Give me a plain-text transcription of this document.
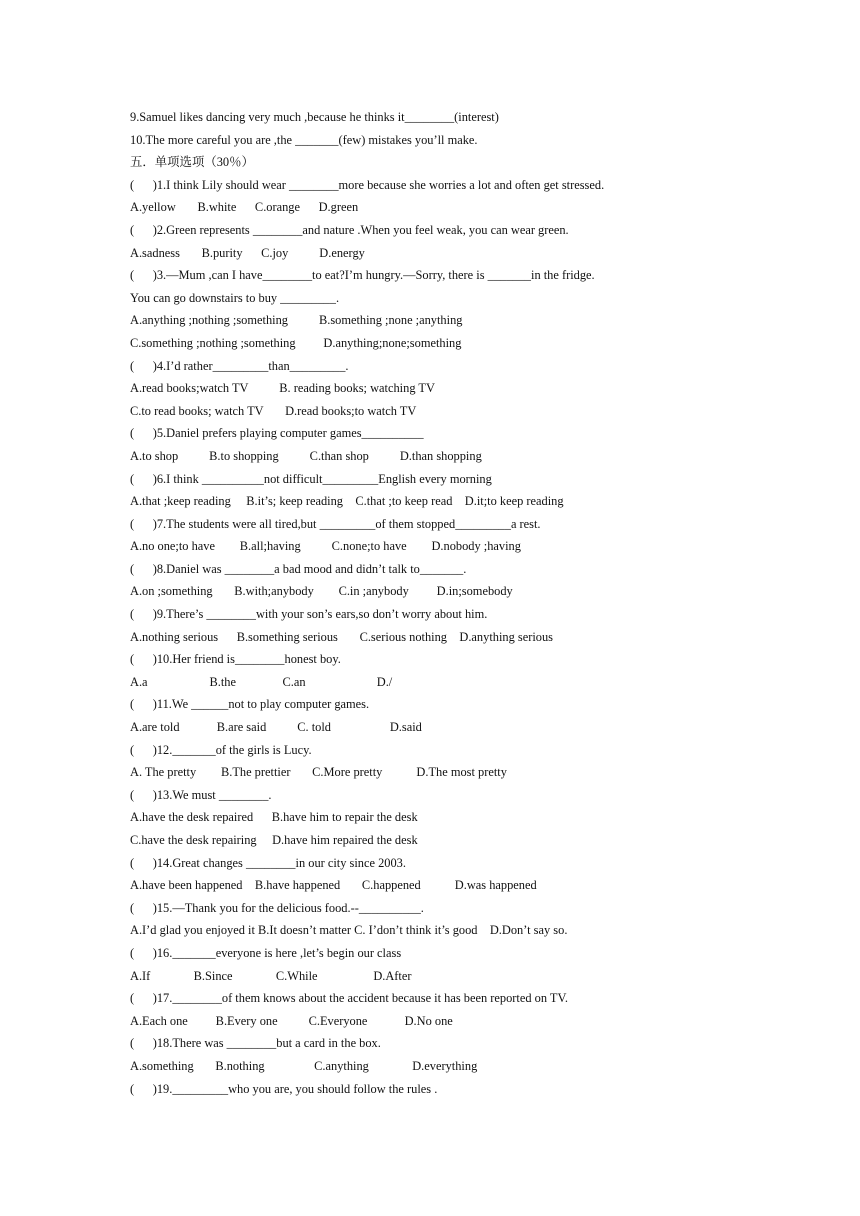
9.Samuel likes dancing very much ,because he thinks it________(interest)
10.The more careful you are ,the _______(few) mistakes you’ll make.
五．单项选项（30％）
(      )1.I think Lily should wear ________more because she worries a lot and often get stressed.
A.yellow       B.white      C.orange      D.green
(      )2.Green represents ________and nature .When you feel weak, you can wear green.
A.sadness       B.purity      C.joy          D.energy
(      )3.—Mum ,can I have________to eat?I’m hungry.—Sorry, there is _______in the fridge.
You can go downstairs to buy _________.
A.anything ;nothing ;something          B.something ;none ;anything
C.something ;nothing ;something         D.anything;none;something
(      )4.I’d rather_________than_________.
A.read books;watch TV          B. reading books; watching TV
C.to read books; watch TV       D.read books;to watch TV
(      )5.Daniel prefers playing computer games__________
A.to shop          B.to shopping          C.than shop          D.than shopping
(      )6.I think __________not difficult_________English every morning
A.that ;keep reading     B.it’s; keep reading    C.that ;to keep read    D.it;to keep reading
(      )7.The students were all tired,but _________of them stopped_________a rest.
A.no one;to have        B.all;having          C.none;to have        D.nobody ;having
(      )8.Daniel was ________a bad mood and didn’t talk to_______.
A.on ;something       B.with;anybody        C.in ;anybody         D.in;somebody
(      )9.There’s ________with your son’s ears,so don’t worry about him.
A.nothing serious      B.something serious       C.serious nothing    D.anything serious
(      )10.Her friend is________honest boy.
A.a                    B.the               C.an                       D./
(      )11.We ______not to play computer games.
A.are told            B.are said          C. told                   D.said
(      )12._______of the girls is Lucy.
A. The pretty        B.The prettier       C.More pretty           D.The most pretty
(      )13.We must ________.
A.have the desk repaired      B.have him to repair the desk
C.have the desk repairing     D.have him repaired the desk
(      )14.Great changes ________in our city since 2003.
A.have been happened    B.have happened       C.happened           D.was happened
(      )15.—Thank you for the delicious food.--__________.
A.I’d glad you enjoyed it B.It doesn’t matter C. I’don’t think it’s good    D.Don’t say so.
(      )16._______everyone is here ,let’s begin our class
A.If              B.Since              C.While                  D.After
(      )17.________of them knows about the accident because it has been reported on TV.
A.Each one         B.Every one          C.Everyone            D.No one
(      )18.There was ________but a card in the box.
A.something       B.nothing                C.anything              D.everything
(      )19._________who you are, you should follow the rules .
